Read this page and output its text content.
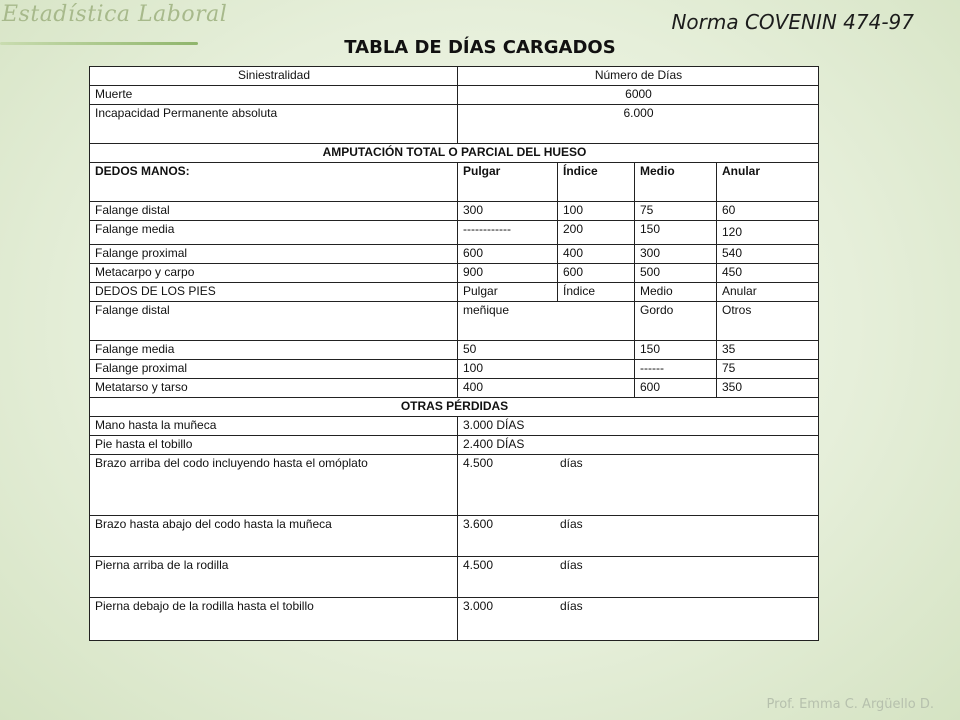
Estadística Laboral	Norma COVENIN 474-97
TABLA DE DÍAS CARGADOS
Siniestralidad	Número de Días			
Muerte	6000			
Incapacidad Permanente absoluta	6.000			
AMPUTACIÓN TOTAL O PARCIAL DEL HUESO				
DEDOS MANOS:	Pulgar	Índice	Medio	Anular
Falange distal	300	100	75	60
Falange media	------------	200	150	120
Falange proximal	600	400	300	540
Metacarpo y carpo	900	600	500	450
DEDOS DE LOS PIES	Pulgar	Índice	Medio	Anular
Falange distal	meñique		Gordo	Otros
Falange media	50		150	35
Falange proximal	100		------	75
Metatarso y tarso	400		600	350
OTRAS PÉRDIDAS				
Mano hasta la muñeca	3.000 DÍAS			
Pie hasta el tobillo	2.400 DÍAS			
Brazo arriba del codo incluyendo hasta el omóplato	4.500 días			
Brazo hasta abajo del codo hasta la muñeca	3.600 días			
Pierna arriba de la rodilla	4.500 días			
Pierna debajo de la rodilla hasta el tobillo	3.000 días			
Prof. Emma C. Argüello D.
